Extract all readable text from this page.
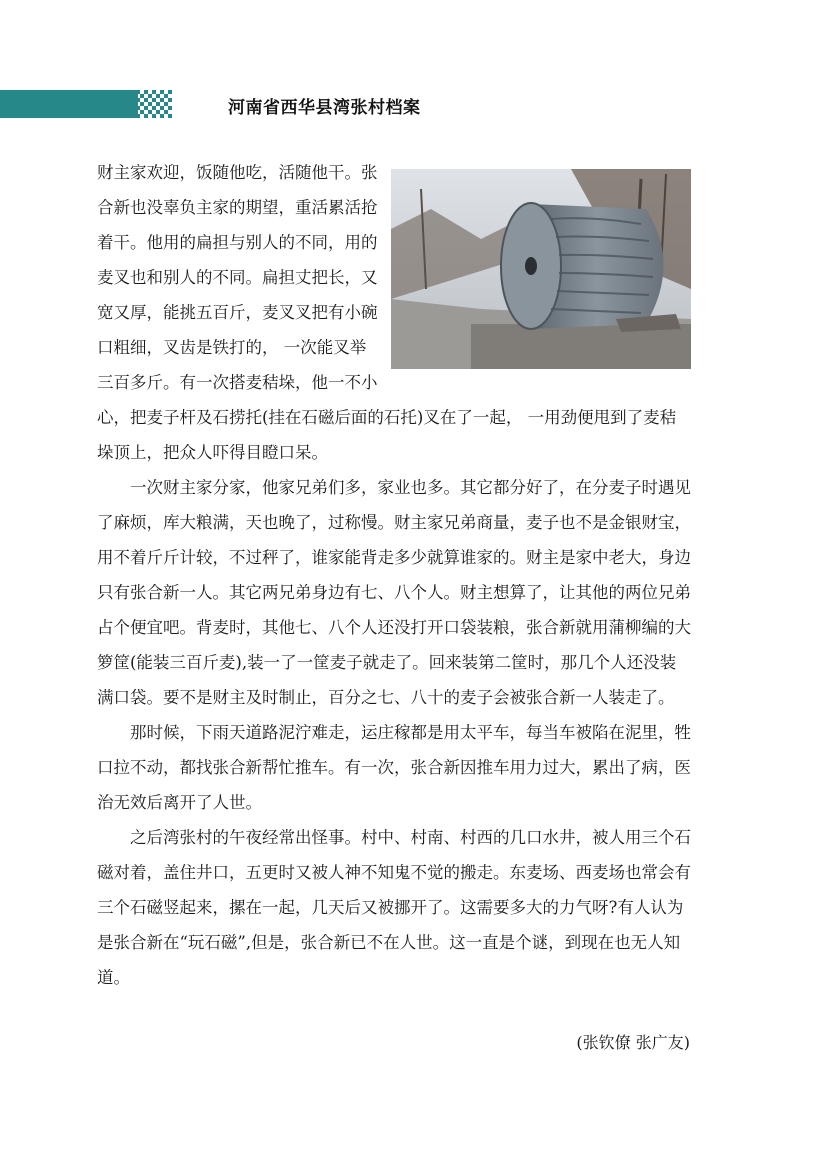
河南省西华县湾张村档案

财主家欢迎，饭随他吃，活随他干。张合新也没辜负主家的期望，重活累活抢着干。他用的扁担与别人的不同，用的麦叉也和别人的不同。扁担丈把长，又宽又厚，能挑五百斤，麦叉叉把有小碗口粗细，叉齿是铁打的， 一次能叉举三百多斤。有一次搭麦秸垛，他一不小心，把麦子杆及石捞托(挂在石磁后面的石托)叉在了一起， 一用劲便甩到了麦秸垛顶上，把众人吓得目瞪口呆。

一次财主家分家，他家兄弟们多，家业也多。其它都分好了，在分麦子时遇见了麻烦，库大粮满，天也晚了，过称慢。财主家兄弟商量，麦子也不是金银财宝，用不着斤斤计较，不过秤了，谁家能背走多少就算谁家的。财主是家中老大，身边只有张合新一人。其它两兄弟身边有七、八个人。财主想算了，让其他的两位兄弟占个便宜吧。背麦时，其他七、八个人还没打开口袋装粮，张合新就用蒲柳编的大箩筐(能装三百斤麦),装一了一筐麦子就走了。回来装第二筐时，那几个人还没装满口袋。要不是财主及时制止，百分之七、八十的麦子会被张合新一人装走了。

那时候，下雨天道路泥泞难走，运庄稼都是用太平车，每当车被陷在泥里，牲口拉不动，都找张合新帮忙推车。有一次，张合新因推车用力过大，累出了病，医治无效后离开了人世。

之后湾张村的午夜经常出怪事。村中、村南、村西的几口水井，被人用三个石磁对着，盖住井口，五更时又被人神不知鬼不觉的搬走。东麦场、西麦场也常会有三个石磁竖起来，摞在一起，几天后又被挪开了。这需要多大的力气呀?有人认为是张合新在“玩石磁”,但是，张合新已不在人世。这一直是个谜，到现在也无人知道。

(张钦僚 张广友)
